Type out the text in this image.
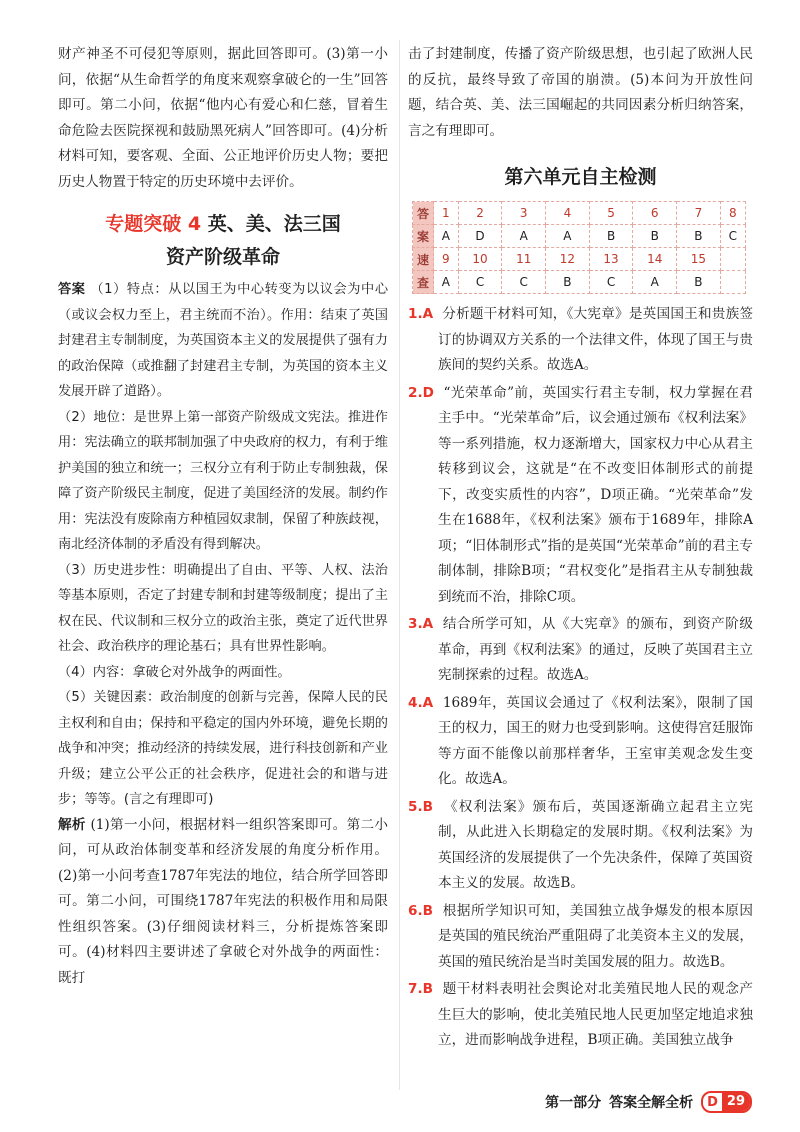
财产神圣不可侵犯等原则，据此回答即可。(3)第一小问，依据“从生命哲学的角度来观察拿破仑的一生”回答即可。第二小问，依据“他内心有爱心和仁慈，冒着生命危险去医院探视和鼓励黑死病人”回答即可。(4)分析材料可知，要客观、全面、公正地评价历史人物；要把历史人物置于特定的历史环境中去评价。

专题突破 4 英、美、法三国
资产阶级革命

答案 （1）特点：从以国王为中心转变为以议会为中心（或议会权力至上，君主统而不治）。作用：结束了英国封建君主专制制度，为英国资本主义的发展提供了强有力的政治保障（或推翻了封建君主专制，为英国的资本主义发展开辟了道路）。

（2）地位：是世界上第一部资产阶级成文宪法。推进作用：宪法确立的联邦制加强了中央政府的权力，有利于维护美国的独立和统一；三权分立有利于防止专制独裁，保障了资产阶级民主制度，促进了美国经济的发展。制约作用：宪法没有废除南方种植园奴隶制，保留了种族歧视，南北经济体制的矛盾没有得到解决。

（3）历史进步性：明确提出了自由、平等、人权、法治等基本原则，否定了封建专制和封建等级制度；提出了主权在民、代议制和三权分立的政治主张，奠定了近代世界社会、政治秩序的理论基石；具有世界性影响。

（4）内容：拿破仑对外战争的两面性。

（5）关键因素：政治制度的创新与完善，保障人民的民主权利和自由；保持和平稳定的国内外环境，避免长期的战争和冲突；推动经济的持续发展，进行科技创新和产业升级；建立公平公正的社会秩序，促进社会的和谐与进步；等等。(言之有理即可)

解析 (1)第一小问，根据材料一组织答案即可。第二小问，可从政治体制变革和经济发展的角度分析作用。(2)第一小问考查1787年宪法的地位，结合所学回答即可。第二小问，可围绕1787年宪法的积极作用和局限性组织答案。(3)仔细阅读材料三，分析提炼答案即可。(4)材料四主要讲述了拿破仑对外战争的两面性：既打

击了封建制度，传播了资产阶级思想，也引起了欧洲人民的反抗，最终导致了帝国的崩溃。(5)本问为开放性问题，结合英、美、法三国崛起的共同因素分析归纳答案，言之有理即可。

第六单元自主检测
答	1	2	3	4	5	6	7	8
案	A	D	A	A	B	B	B	C
速	9	10	11	12	13	14	15	
查	A	C	C	B	C	A	B	

1.A 分析题干材料可知，《大宪章》是英国国王和贵族签订的协调双方关系的一个法律文件，体现了国王与贵族间的契约关系。故选A。

2.D “光荣革命”前，英国实行君主专制，权力掌握在君主手中。“光荣革命”后，议会通过颁布《权利法案》等一系列措施，权力逐渐增大，国家权力中心从君主转移到议会，这就是“在不改变旧体制形式的前提下，改变实质性的内容”，D项正确。“光荣革命”发生在1688年，《权利法案》颁布于1689年，排除A项；“旧体制形式”指的是英国“光荣革命”前的君主专制体制，排除B项；“君权变化”是指君主从专制独裁到统而不治，排除C项。

3.A 结合所学可知，从《大宪章》的颁布，到资产阶级革命，再到《权利法案》的通过，反映了英国君主立宪制探索的过程。故选A。

4.A 1689年，英国议会通过了《权利法案》，限制了国王的权力，国王的财力也受到影响。这使得宫廷服饰等方面不能像以前那样奢华，王室审美观念发生变化。故选A。

5.B 《权利法案》颁布后，英国逐渐确立起君主立宪制，从此进入长期稳定的发展时期。《权利法案》为英国经济的发展提供了一个先决条件，保障了英国资本主义的发展。故选B。

6.B 根据所学知识可知，美国独立战争爆发的根本原因是英国的殖民统治严重阻碍了北美资本主义的发展，英国的殖民统治是当时美国发展的阻力。故选B。

7.B 题干材料表明社会舆论对北美殖民地人民的观念产生巨大的影响，使北美殖民地人民更加坚定地追求独立，进而影响战争进程，B项正确。美国独立战争

第一部分 答案全解全析	D 29
